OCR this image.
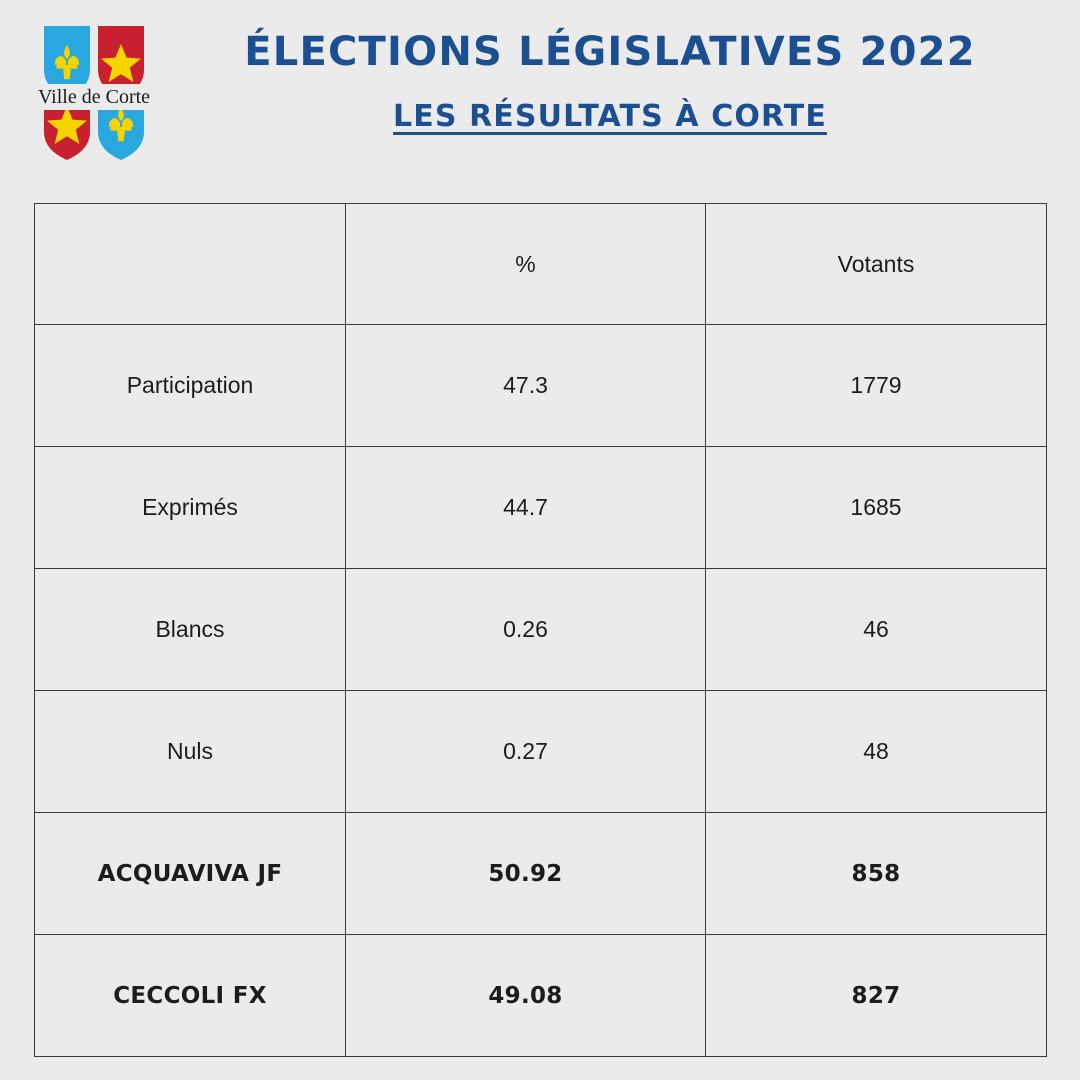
Ville de Corte
ÉLECTIONS LÉGISLATIVES 2022
LES RÉSULTATS À CORTE
	%	Votants
Participation	47.3	1779
Exprimés	44.7	1685
Blancs	0.26	46
Nuls	0.27	48
ACQUAVIVA JF	50.92	858
CECCOLI FX	49.08	827
